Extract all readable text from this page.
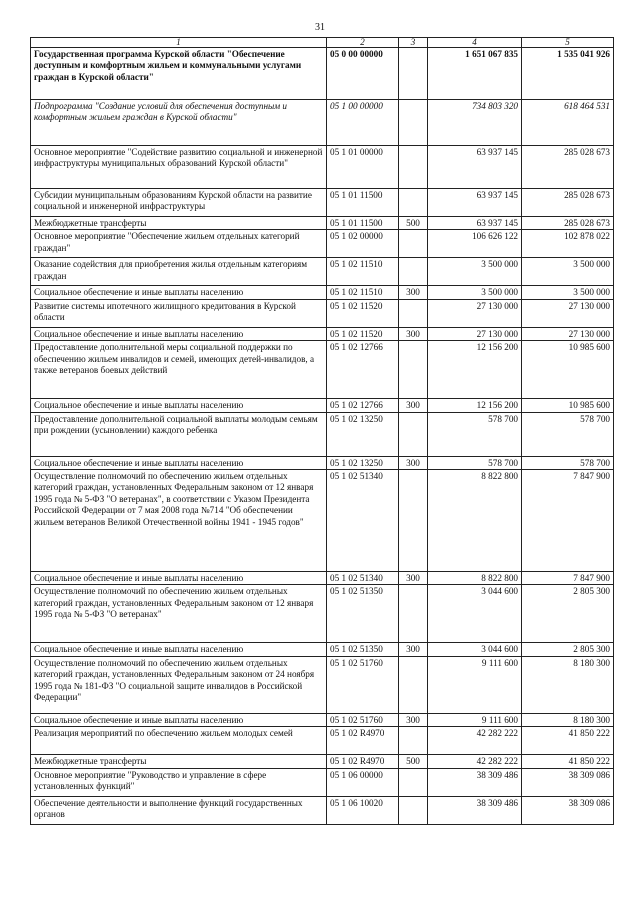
31
1	2	3	4	5
Государственная программа Курской области "Обеспечение доступным и комфортным жильем и коммунальными услугами граждан в Курской области"	05 0 00 00000		1 651 067 835	1 535 041 926
Подпрограмма "Создание условий для обеспечения доступным и комфортным жильем граждан в Курской области"	05 1 00 00000		734 803 320	618 464 531
Основное мероприятие "Содействие развитию социальной и инженерной инфраструктуры муниципальных образований Курской области"	05 1 01 00000		63 937 145	285 028 673
Субсидии муниципальным образованиям Курской области на развитие социальной и инженерной инфраструктуры	05 1 01 11500		63 937 145	285 028 673
Межбюджетные трансферты	05 1 01 11500	500	63 937 145	285 028 673
Основное мероприятие "Обеспечение жильем отдельных категорий граждан"	05 1 02 00000		106 626 122	102 878 022
Оказание содействия для приобретения жилья отдельным категориям граждан	05 1 02 11510		3 500 000	3 500 000
Социальное обеспечение и иные выплаты населению	05 1 02 11510	300	3 500 000	3 500 000
Развитие системы ипотечного жилищного кредитования в Курской области	05 1 02 11520		27 130 000	27 130 000
Социальное обеспечение и иные выплаты населению	05 1 02 11520	300	27 130 000	27 130 000
Предоставление дополнительной меры социальной поддержки по обеспечению жильем инвалидов и семей, имеющих детей-инвалидов, а также ветеранов боевых действий	05 1 02 12766		12 156 200	10 985 600
Социальное обеспечение и иные выплаты населению	05 1 02 12766	300	12 156 200	10 985 600
Предоставление дополнительной социальной выплаты молодым семьям при рождении (усыновлении) каждого ребенка	05 1 02 13250		578 700	578 700
Социальное обеспечение и иные выплаты населению	05 1 02 13250	300	578 700	578 700
Осуществление полномочий по обеспечению жильем отдельных категорий граждан, установленных Федеральным законом от 12 января 1995 года № 5-ФЗ "О ветеранах", в соответствии с Указом Президента Российской Федерации от 7 мая 2008 года №714 "Об обеспечении жильем ветеранов Великой Отечественной войны 1941 - 1945 годов"	05 1 02 51340		8 822 800	7 847 900
Социальное обеспечение и иные выплаты населению	05 1 02 51340	300	8 822 800	7 847 900
Осуществление полномочий по обеспечению жильем отдельных категорий граждан, установленных Федеральным законом от 12 января 1995 года № 5-ФЗ "О ветеранах"	05 1 02 51350		3 044 600	2 805 300
Социальное обеспечение и иные выплаты населению	05 1 02 51350	300	3 044 600	2 805 300
Осуществление полномочий по обеспечению жильем отдельных категорий граждан, установленных Федеральным законом от 24 ноября 1995 года № 181-ФЗ "О социальной защите инвалидов в Российской Федерации"	05 1 02 51760		9 111 600	8 180 300
Социальное обеспечение и иные выплаты населению	05 1 02 51760	300	9 111 600	8 180 300
Реализация мероприятий по обеспечению жильем молодых семей	05 1 02 R4970		42 282 222	41 850 222
Межбюджетные трансферты	05 1 02 R4970	500	42 282 222	41 850 222
Основное мероприятие "Руководство и управление в сфере установленных функций"	05 1 06 00000		38 309 486	38 309 086
Обеспечение деятельности и выполнение функций государственных органов	05 1 06 10020		38 309 486	38 309 086
